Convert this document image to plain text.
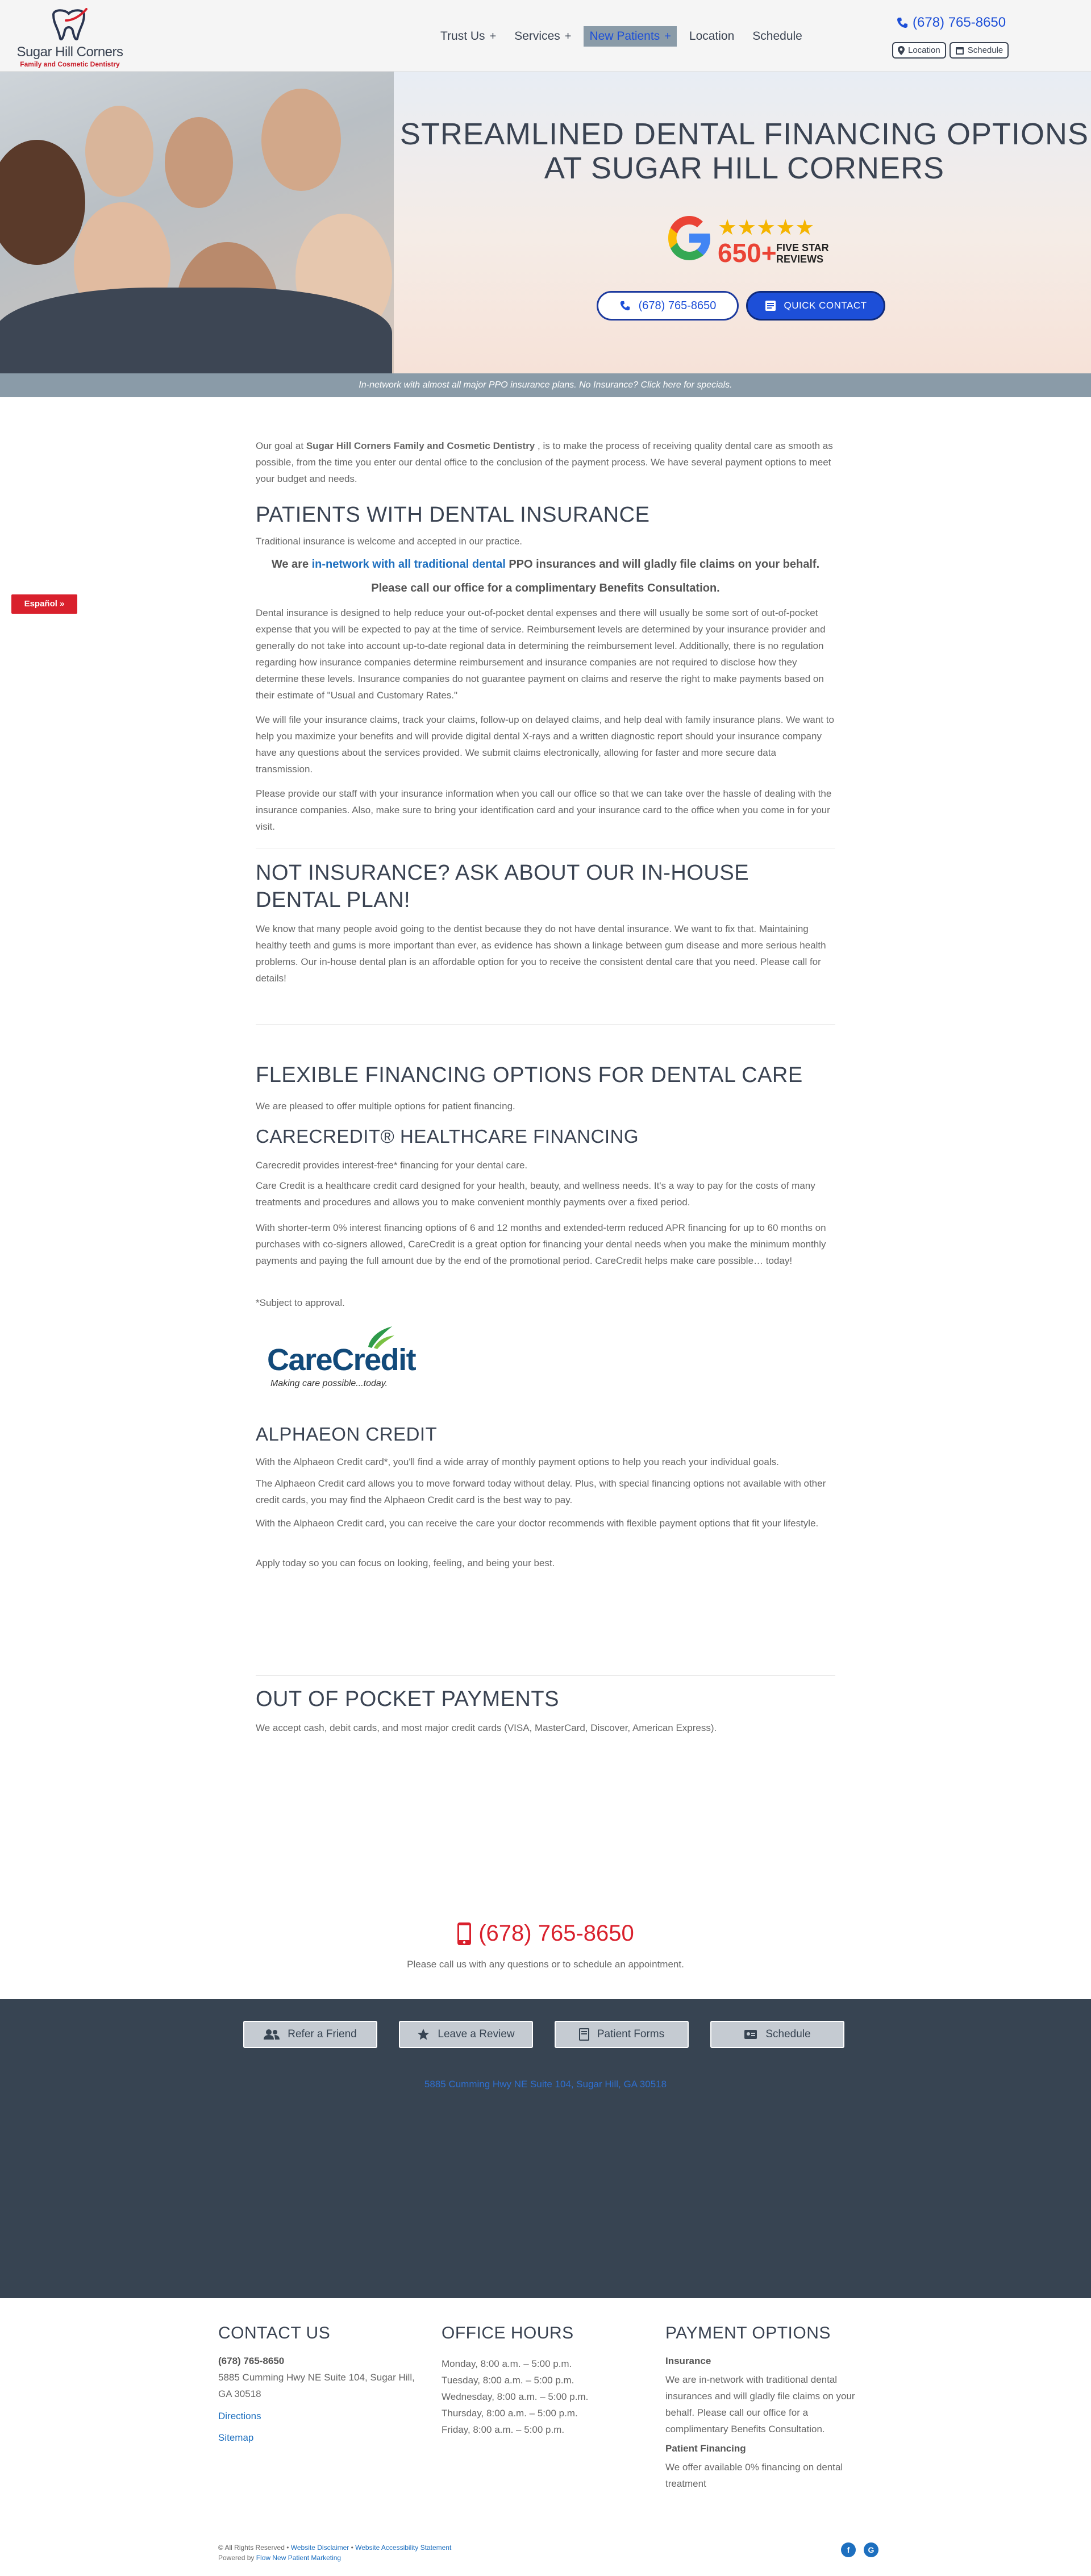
Sugar Hill Corners
Family and Cosmetic Dentistry
Trust Us + Services + New Patients + Location Schedule
(678) 765-8650
Location	Schedule
STREAMLINED DENTAL FINANCING OPTIONS AT SUGAR HILL CORNERS
★★★★★
650+ FIVE STAR REVIEWS
(678) 765-8650	QUICK CONTACT
In-network with almost all major PPO insurance plans. No Insurance? Click here for specials.
Español »

Our goal at Sugar Hill Corners Family and Cosmetic Dentistry , is to make the process of receiving quality dental care as smooth as possible, from the time you enter our dental office to the conclusion of the payment process. We have several payment options to meet your budget and needs.

PATIENTS WITH DENTAL INSURANCE

Traditional insurance is welcome and accepted in our practice.

We are in-network with all traditional dental PPO insurances and will gladly file claims on your behalf.

Please call our office for a complimentary Benefits Consultation.

Dental insurance is designed to help reduce your out-of-pocket dental expenses and there will usually be some sort of out-of-pocket expense that you will be expected to pay at the time of service. Reimbursement levels are determined by your insurance provider and generally do not take into account up-to-date regional data in determining the reimbursement level. Additionally, there is no regulation regarding how insurance companies determine reimbursement and insurance companies are not required to disclose how they determine these levels. Insurance companies do not guarantee payment on claims and reserve the right to make payments based on their estimate of "Usual and Customary Rates."

We will file your insurance claims, track your claims, follow-up on delayed claims, and help deal with family insurance plans. We want to help you maximize your benefits and will provide digital dental X-rays and a written diagnostic report should your insurance company have any questions about the services provided. We submit claims electronically, allowing for faster and more secure data transmission.

Please provide our staff with your insurance information when you call our office so that we can take over the hassle of dealing with the insurance companies. Also, make sure to bring your identification card and your insurance card to the office when you come in for your visit.

NOT INSURANCE? ASK ABOUT OUR IN-HOUSE DENTAL PLAN!

We know that many people avoid going to the dentist because they do not have dental insurance. We want to fix that. Maintaining healthy teeth and gums is more important than ever, as evidence has shown a linkage between gum disease and more serious health problems. Our in-house dental plan is an affordable option for you to receive the consistent dental care that you need. Please call for details!

FLEXIBLE FINANCING OPTIONS FOR DENTAL CARE

We are pleased to offer multiple options for patient financing.

CARECREDIT® HEALTHCARE FINANCING

Carecredit provides interest-free* financing for your dental care.

Care Credit is a healthcare credit card designed for your health, beauty, and wellness needs. It's a way to pay for the costs of many treatments and procedures and allows you to make convenient monthly payments over a fixed period.

With shorter-term 0% interest financing options of 6 and 12 months and extended-term reduced APR financing for up to 60 months on purchases with co-signers allowed, CareCredit is a great option for financing your dental needs when you make the minimum monthly payments and paying the full amount due by the end of the promotional period. CareCredit helps make care possible… today!

*Subject to approval.

CareCredit
Making care possible...today.
ALPHAEON CREDIT

With the Alphaeon Credit card*, you'll find a wide array of monthly payment options to help you reach your individual goals.

The Alphaeon Credit card allows you to move forward today without delay. Plus, with special financing options not available with other credit cards, you may find the Alphaeon Credit card is the best way to pay.

With the Alphaeon Credit card, you can receive the care your doctor recommends with flexible payment options that fit your lifestyle.

Apply today so you can focus on looking, feeling, and being your best.

OUT OF POCKET PAYMENTS

We accept cash, debit cards, and most major credit cards (VISA, MasterCard, Discover, American Express).

(678) 765-8650
Please call us with any questions or to schedule an appointment.
Refer a Friend	Leave a Review	Patient Forms	Schedule
5885 Cumming Hwy NE Suite 104, Sugar Hill, GA 30518
CONTACT US
(678) 765-8650
5885 Cumming Hwy NE Suite 104, Sugar Hill, GA 30518
Directions
Sitemap
OFFICE HOURS
Monday, 8:00 a.m. – 5:00 p.m.
Tuesday, 8:00 a.m. – 5:00 p.m.
Wednesday, 8:00 a.m. – 5:00 p.m.
Thursday, 8:00 a.m. – 5:00 p.m.
Friday, 8:00 a.m. – 5:00 p.m.
PAYMENT OPTIONS
Insurance
We are in-network with traditional dental insurances and will gladly file claims on your behalf. Please call our office for a complimentary Benefits Consultation.
Patient Financing
We offer available 0% financing on dental treatment
© All Rights Reserved • Website Disclaimer • Website Accessibility Statement
Powered by Flow New Patient Marketing
f	G
